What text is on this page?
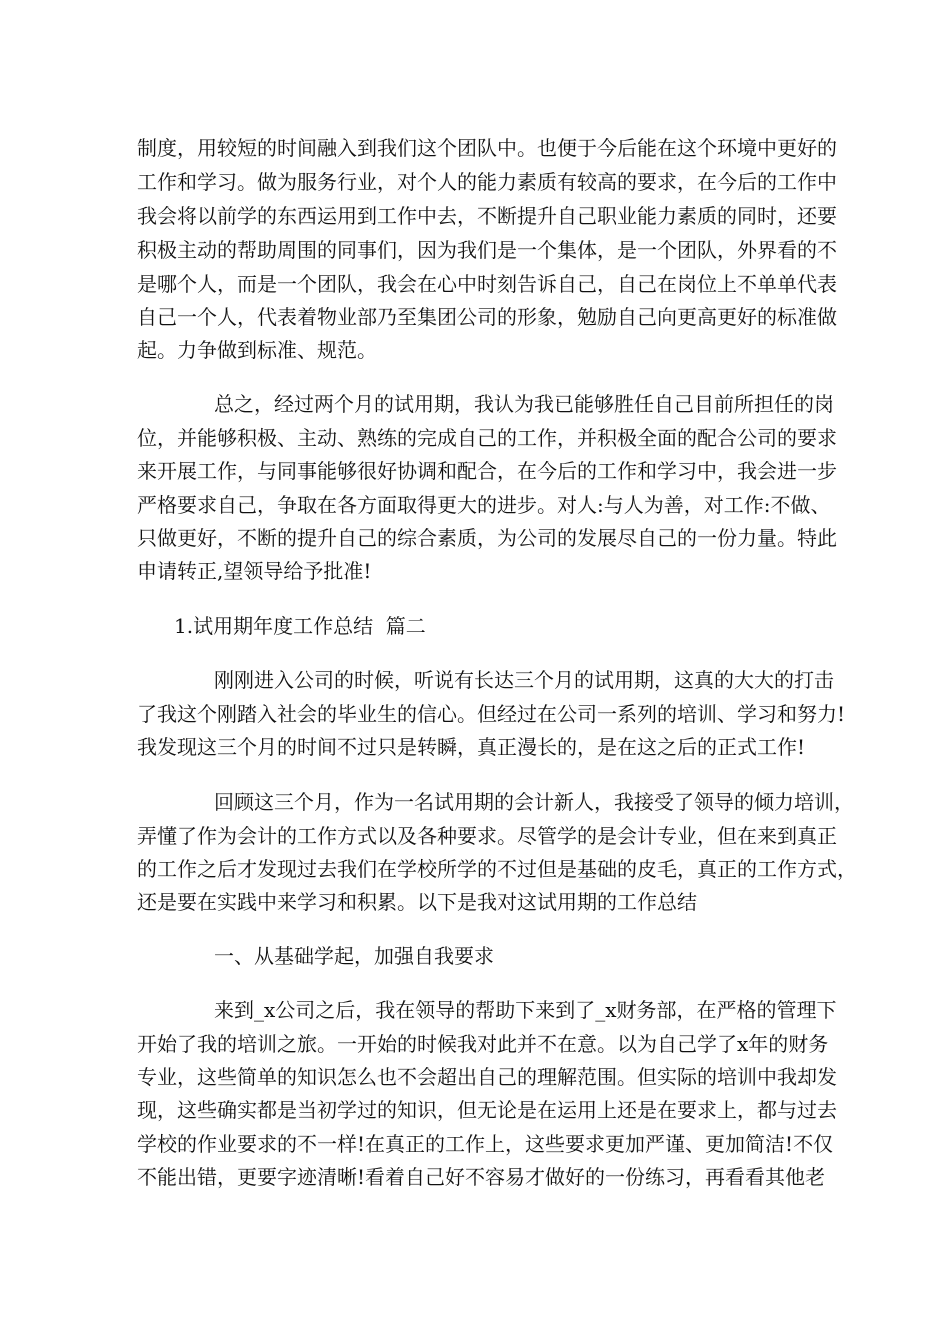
制度，用较短的时间融入到我们这个团队中。也便于今后能在这个环境中更好的
工作和学习。做为服务行业，对个人的能力素质有较高的要求，在今后的工作中
我会将以前学的东西运用到工作中去，不断提升自己职业能力素质的同时，还要
积极主动的帮助周围的同事们，因为我们是一个集体，是一个团队，外界看的不
是哪个人，而是一个团队，我会在心中时刻告诉自己，自己在岗位上不单单代表
自己一个人，代表着物业部乃至集团公司的形象，勉励自己向更高更好的标准做
起。力争做到标准、规范。
总之，经过两个月的试用期，我认为我已能够胜任自己目前所担任的岗
位，并能够积极、主动、熟练的完成自己的工作，并积极全面的配合公司的要求
来开展工作，与同事能够很好协调和配合，在今后的工作和学习中，我会进一步
严格要求自己，争取在各方面取得更大的进步。对人:与人为善，对工作:不做、
只做更好，不断的提升自己的综合素质，为公司的发展尽自己的一份力量。特此
申请转正,望领导给予批准!
1.试用期年度工作总结  篇二
刚刚进入公司的时候，听说有长达三个月的试用期，这真的大大的打击
了我这个刚踏入社会的毕业生的信心。但经过在公司一系列的培训、学习和努力!
我发现这三个月的时间不过只是转瞬，真正漫长的，是在这之后的正式工作!
回顾这三个月，作为一名试用期的会计新人，我接受了领导的倾力培训，
弄懂了作为会计的工作方式以及各种要求。尽管学的是会计专业，但在来到真正
的工作之后才发现过去我们在学校所学的不过但是基础的皮毛，真正的工作方式，
还是要在实践中来学习和积累。以下是我对这试用期的工作总结
一、从基础学起，加强自我要求
来到_x公司之后，我在领导的帮助下来到了_x财务部，在严格的管理下
开始了我的培训之旅。一开始的时候我对此并不在意。以为自己学了x年的财务
专业，这些简单的知识怎么也不会超出自己的理解范围。但实际的培训中我却发
现，这些确实都是当初学过的知识，但无论是在运用上还是在要求上，都与过去
学校的作业要求的不一样!在真正的工作上，这些要求更加严谨、更加简洁!不仅
不能出错，更要字迹清晰!看着自己好不容易才做好的一份练习，再看看其他老
